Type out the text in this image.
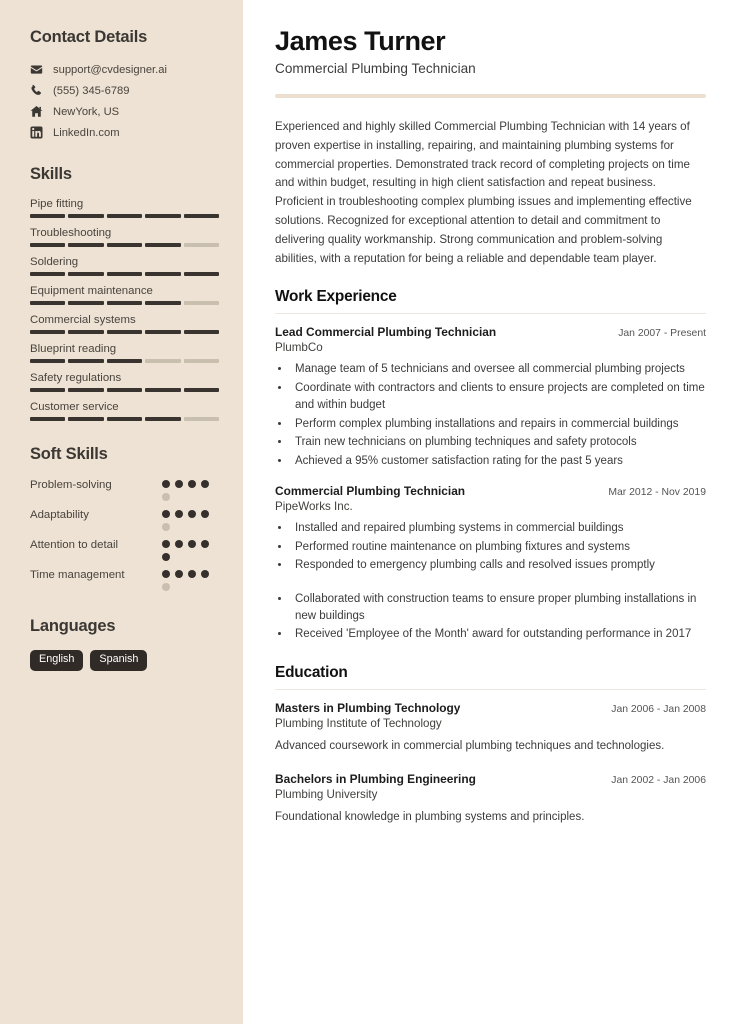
Contact Details
support@cvdesigner.ai
(555) 345-6789
NewYork, US
LinkedIn.com
Skills
Pipe fitting
Troubleshooting
Soldering
Equipment maintenance
Commercial systems
Blueprint reading
Safety regulations
Customer service
Soft Skills
Problem-solving
Adaptability
Attention to detail
Time management
Languages
English	Spanish
James Turner
Commercial Plumbing Technician

Experienced and highly skilled Commercial Plumbing Technician with 14 years of proven expertise in installing, repairing, and maintaining plumbing systems for commercial properties. Demonstrated track record of completing projects on time and within budget, resulting in high client satisfaction and repeat business. Proficient in troubleshooting complex plumbing issues and implementing effective solutions. Recognized for exceptional attention to detail and commitment to delivering quality workmanship. Strong communication and problem-solving abilities, with a reputation for being a reliable and dependable team player.

Work Experience
Lead Commercial Plumbing Technician	Jan 2007 - Present
PlumbCo
• Manage team of 5 technicians and oversee all commercial plumbing projects
• Coordinate with contractors and clients to ensure projects are completed on time and within budget
• Perform complex plumbing installations and repairs in commercial buildings
• Train new technicians on plumbing techniques and safety protocols
• Achieved a 95% customer satisfaction rating for the past 5 years
Commercial Plumbing Technician	Mar 2012 - Nov 2019
PipeWorks Inc.
• Installed and repaired plumbing systems in commercial buildings
• Performed routine maintenance on plumbing fixtures and systems
• Responded to emergency plumbing calls and resolved issues promptly
• Collaborated with construction teams to ensure proper plumbing installations in new buildings
• Received 'Employee of the Month' award for outstanding performance in 2017
Education
Masters in Plumbing Technology	Jan 2006 - Jan 2008
Plumbing Institute of Technology
Advanced coursework in commercial plumbing techniques and technologies.
Bachelors in Plumbing Engineering	Jan 2002 - Jan 2006
Plumbing University
Foundational knowledge in plumbing systems and principles.
